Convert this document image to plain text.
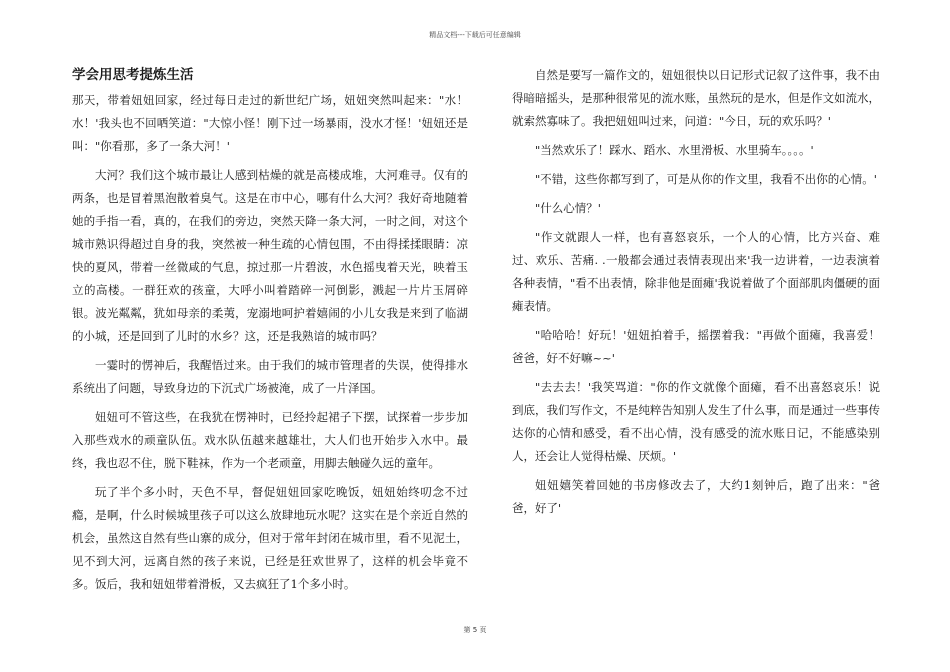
精品文档---下载后可任意编辑
学会用思考提炼生活

那天，带着妞妞回家，经过每日走过的新世纪广场，妞妞突然叫起来："水！水！'我头也不回哂笑道："大惊小怪！刚下过一场暴雨，没水才怪！'妞妞还是叫："你看那，多了一条大河！'

大河？我们这个城市最让人感到枯燥的就是高楼成堆，大河难寻。仅有的两条，也是冒着黑泡散着臭气。这是在市中心，哪有什么大河？我好奇地随着她的手指一看，真的，在我们的旁边，突然天降一条大河，一时之间，对这个城市熟识得超过自身的我，突然被一种生疏的心情包围，不由得揉揉眼睛：凉快的夏风，带着一丝微咸的气息，掠过那一片碧波，水色摇曳着天光，映着玉立的高楼。一群狂欢的孩童，大呼小叫着踏碎一河倒影，溅起一片片玉屑碎银。波光粼粼，犹如母亲的柔荑，宠溺地呵护着嬉闹的小儿女我是来到了临湖的小城，还是回到了儿时的水乡？这，还是我熟谙的城市吗？

一霎时的愣神后，我醒悟过来。由于我们的城市管理者的失误，使得排水系统出了问题，导致身边的下沉式广场被淹，成了一片泽国。

妞妞可不管这些，在我犹在愣神时，已经拎起裙子下摆，试探着一步步加入那些戏水的顽童队伍。戏水队伍越来越雄壮，大人们也开始步入水中。最终，我也忍不住，脱下鞋袜，作为一个老顽童，用脚去触碰久远的童年。

玩了半个多小时，天色不早，督促妞妞回家吃晚饭，妞妞始终叨念不过瘾，是啊，什么时候城里孩子可以这么放肆地玩水呢？这实在是个亲近自然的机会，虽然这自然有些山寨的成分，但对于常年封闭在城市里，看不见泥土，见不到大河，远离自然的孩子来说，已经是狂欢世界了，这样的机会毕竟不多。饭后，我和妞妞带着滑板，又去疯狂了1个多小时。

自然是要写一篇作文的，妞妞很快以日记形式记叙了这件事，我不由得暗暗摇头，是那种很常见的流水账，虽然玩的是水，但是作文如流水，就索然寡味了。我把妞妞叫过来，问道："今日，玩的欢乐吗？'

"当然欢乐了！踩水、蹈水、水里滑板、水里骑车。。。。'

"不错，这些你都写到了，可是从你的作文里，我看不出你的心情。'

"什么心情？'

"作文就跟人一样，也有喜怒哀乐，一个人的心情，比方兴奋、难过、欢乐、苦痛. .一般都会通过表情表现出来'我一边讲着，一边表演着各种表情，"看不出表情，除非他是面瘫'我说着做了个面部肌肉僵硬的面瘫表情。

"哈哈哈！好玩！'妞妞拍着手，摇摆着我："再做个面瘫，我喜爱！爸爸，好不好嘛~~'

"去去去！'我笑骂道："你的作文就像个面瘫，看不出喜怒哀乐！说到底，我们写作文，不是纯粹告知别人发生了什么事，而是通过一些事传达你的心情和感受，看不出心情，没有感受的流水账日记，不能感染别人，还会让人觉得枯燥、厌烦。'

妞妞嬉笑着回她的书房修改去了，大约1刻钟后，跑了出来："爸爸，好了'

第 5 页
